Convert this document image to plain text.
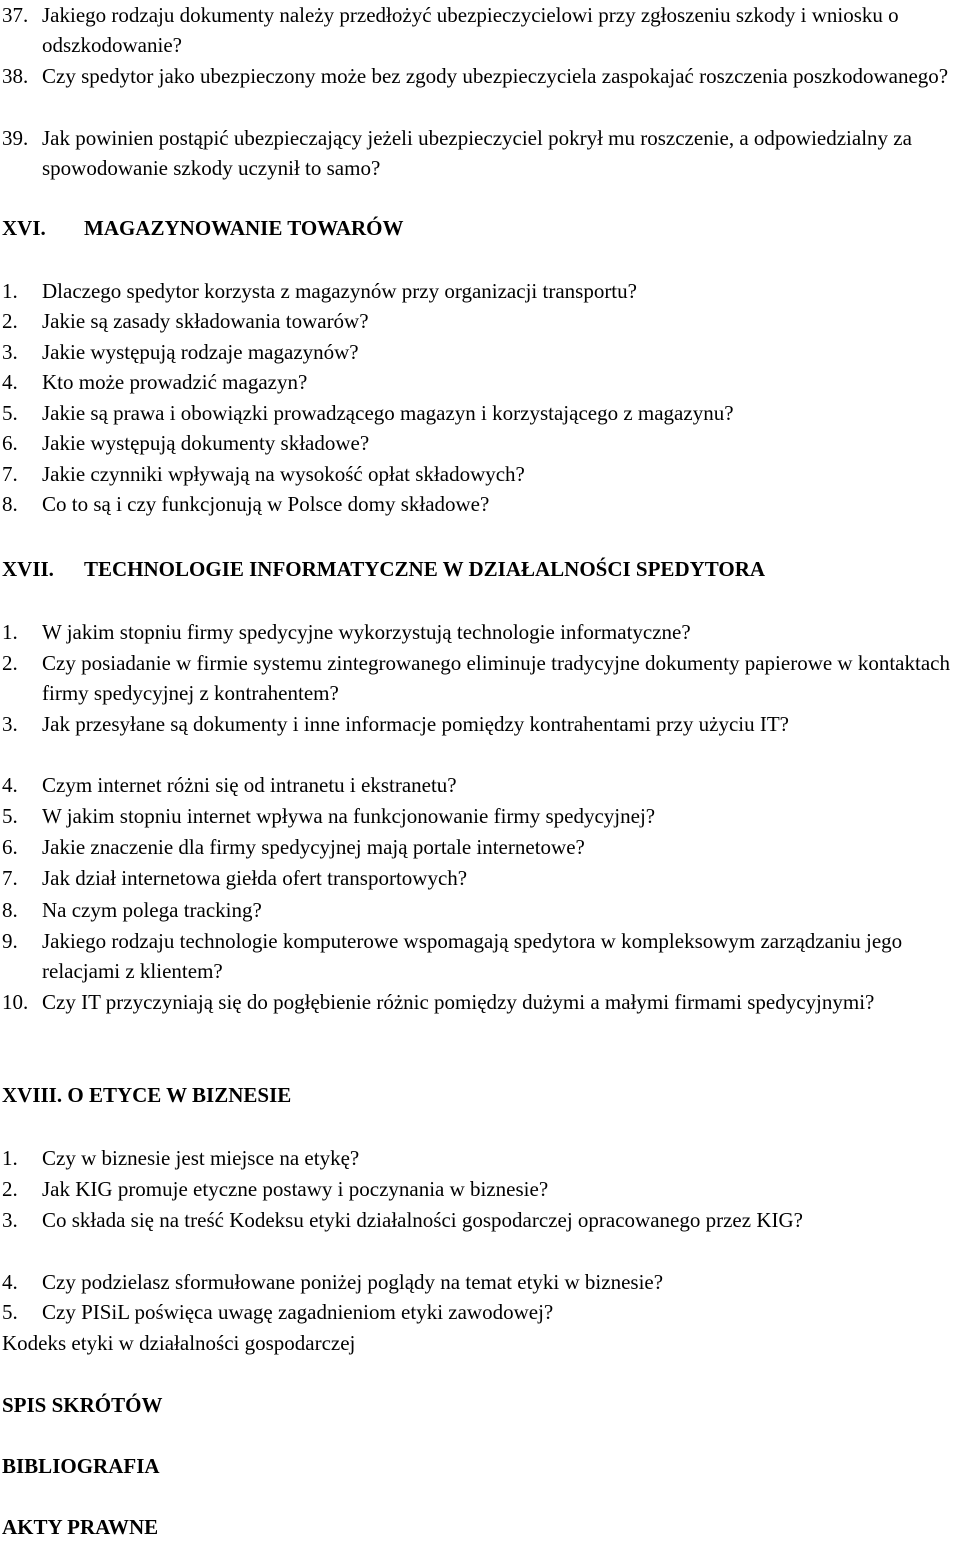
37. Jakiego rodzaju dokumenty należy przedłożyć ubezpieczycielowi przy zgłoszeniu szkody i wniosku o odszkodowanie?
38. Czy spedytor jako ubezpieczony może bez zgody ubezpieczyciela zaspokajać roszczenia poszkodowanego?
39. Jak powinien postąpić ubezpieczający jeżeli ubezpieczyciel pokrył mu roszczenie, a odpowiedzialny za spowodowanie szkody uczynił to samo?
XVI. MAGAZYNOWANIE TOWARÓW
1. Dlaczego spedytor korzysta z magazynów przy organizacji transportu?
2. Jakie są zasady składowania towarów?
3. Jakie występują rodzaje magazynów?
4. Kto może prowadzić magazyn?
5. Jakie są prawa i obowiązki prowadzącego magazyn i korzystającego z magazynu?
6. Jakie występują dokumenty składowe?
7. Jakie czynniki wpływają na wysokość opłat składowych?
8. Co to są i czy funkcjonują w Polsce domy składowe?
XVII. TECHNOLOGIE INFORMATYCZNE W DZIAŁALNOŚCI SPEDYTORA
1. W jakim stopniu firmy spedycyjne wykorzystują technologie informatyczne?
2. Czy posiadanie w firmie systemu zintegrowanego eliminuje tradycyjne dokumenty papierowe w kontaktach firmy spedycyjnej z kontrahentem?
3. Jak przesyłane są dokumenty i inne informacje pomiędzy kontrahentami przy użyciu IT?
4. Czym internet różni się od intranetu i ekstranetu?
5. W jakim stopniu internet wpływa na funkcjonowanie firmy spedycyjnej?
6. Jakie znaczenie dla firmy spedycyjnej mają portale internetowe?
7. Jak dział internetowa giełda ofert transportowych?
8. Na czym polega tracking?
9. Jakiego rodzaju technologie komputerowe wspomagają spedytora w kompleksowym zarządzaniu jego relacjami z klientem?
10. Czy IT przyczyniają się do pogłębienie różnic pomiędzy dużymi a małymi firmami spedycyjnymi?
XVIII. O ETYCE W BIZNESIE
1. Czy w biznesie jest miejsce na etykę?
2. Jak KIG promuje etyczne postawy i poczynania w biznesie?
3. Co składa się na treść Kodeksu etyki działalności gospodarczej opracowanego przez KIG?
4. Czy podzielasz sformułowane poniżej poglądy na temat etyki w biznesie?
5. Czy PISiL poświęca uwagę zagadnieniom etyki zawodowej?
Kodeks etyki w działalności gospodarczej
SPIS SKRÓTÓW
BIBLIOGRAFIA
AKTY PRAWNE
